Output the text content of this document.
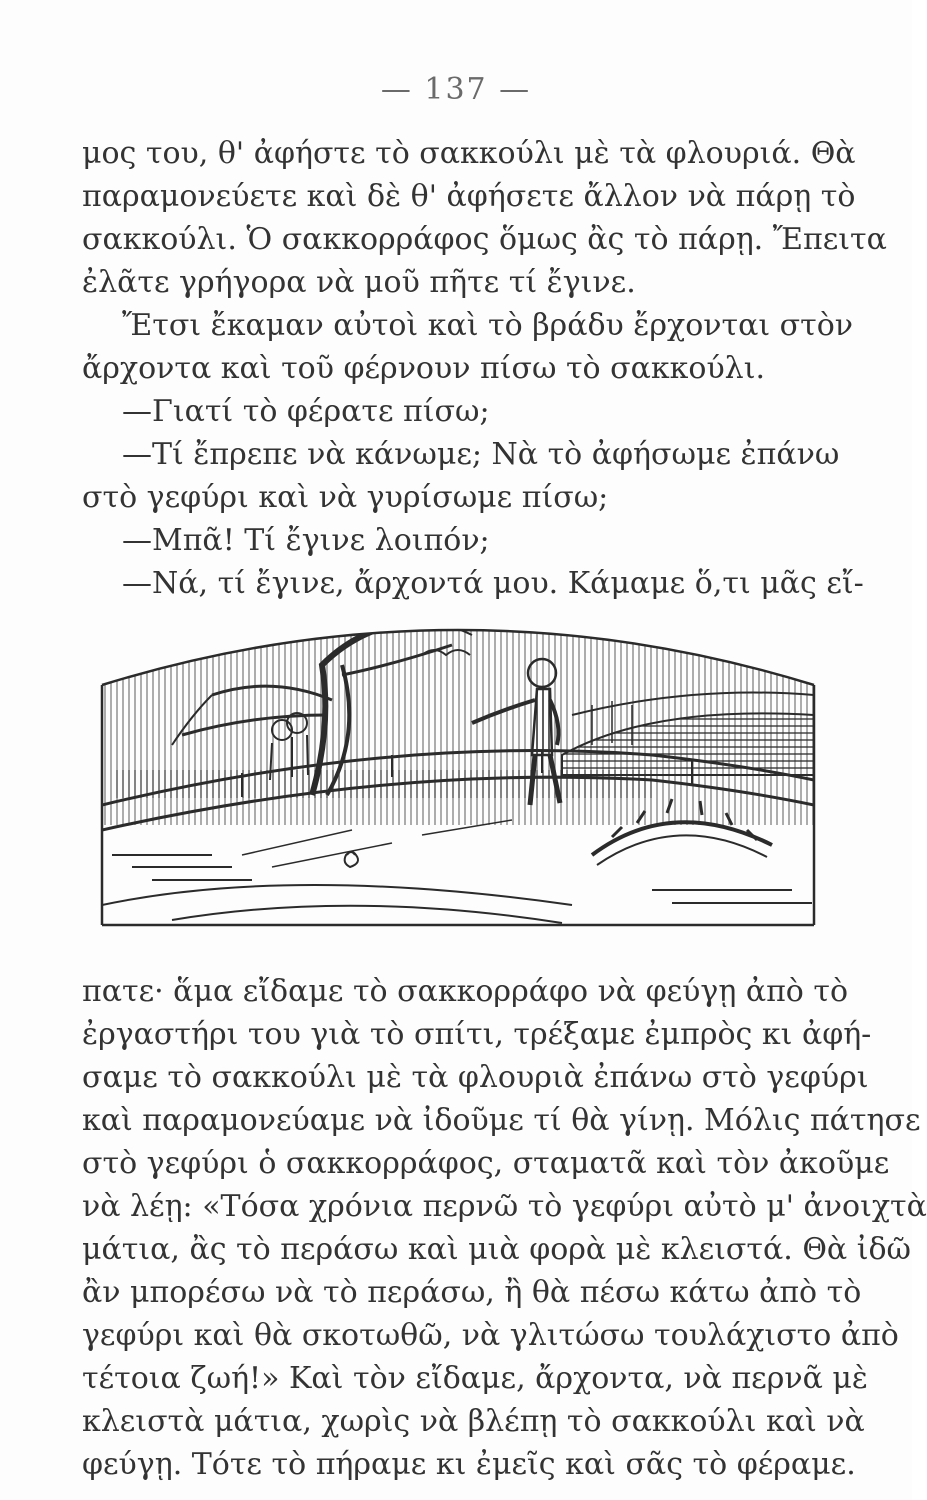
— 137 —
μος του, θ' ἀφήστε τὸ σακκούλι μὲ τὰ φλουριά. Θὰ
παραμονεύετε καὶ δὲ θ' ἀφήσετε ἄλλον νὰ πάρῃ τὸ
σακκούλι. Ὁ σακκορράφος ὅμως ἂς τὸ πάρῃ. Ἔπειτα
ἐλᾶτε γρήγορα νὰ μοῦ πῆτε τί ἔγινε.
Ἔτσι ἔκαμαν αὐτοὶ καὶ τὸ βράδυ ἔρχονται στὸν
ἄρχοντα καὶ τοῦ φέρνουν πίσω τὸ σακκούλι.
—Γιατί τὸ φέρατε πίσω;
—Τί ἔπρεπε νὰ κάνωμε; Νὰ τὸ ἀφήσωμε ἐπάνω
στὸ γεφύρι καὶ νὰ γυρίσωμε πίσω;
—Μπᾶ! Τί ἔγινε λοιπόν;
—Νά, τί ἔγινε, ἄρχοντά μου. Κάμαμε ὅ,τι μᾶς εἴ-
πατε· ἅμα εἴδαμε τὸ σακκορράφο νὰ φεύγῃ ἀπὸ τὸ
ἐργαστήρι του γιὰ τὸ σπίτι, τρέξαμε ἐμπρὸς κι ἀφή-
σαμε τὸ σακκούλι μὲ τὰ φλουριὰ ἐπάνω στὸ γεφύρι
καὶ παραμονεύαμε νὰ ἰδοῦμε τί θὰ γίνῃ. Μόλις πάτησε
στὸ γεφύρι ὁ σακκορράφος, σταματᾶ καὶ τὸν ἀκοῦμε
νὰ λέῃ: «Τόσα χρόνια περνῶ τὸ γεφύρι αὐτὸ μ' ἀνοιχτὰ
μάτια, ἂς τὸ περάσω καὶ μιὰ φορὰ μὲ κλειστά. Θὰ ἰδῶ
ἂν μπορέσω νὰ τὸ περάσω, ἢ θὰ πέσω κάτω ἀπὸ τὸ
γεφύρι καὶ θὰ σκοτωθῶ, νὰ γλιτώσω τουλάχιστο ἀπὸ
τέτοια ζωή!» Καὶ τὸν εἴδαμε, ἄρχοντα, νὰ περνᾶ μὲ
κλειστὰ μάτια, χωρὶς νὰ βλέπῃ τὸ σακκούλι καὶ νὰ
φεύγῃ. Τότε τὸ πήραμε κι ἐμεῖς καὶ σᾶς τὸ φέραμε.
